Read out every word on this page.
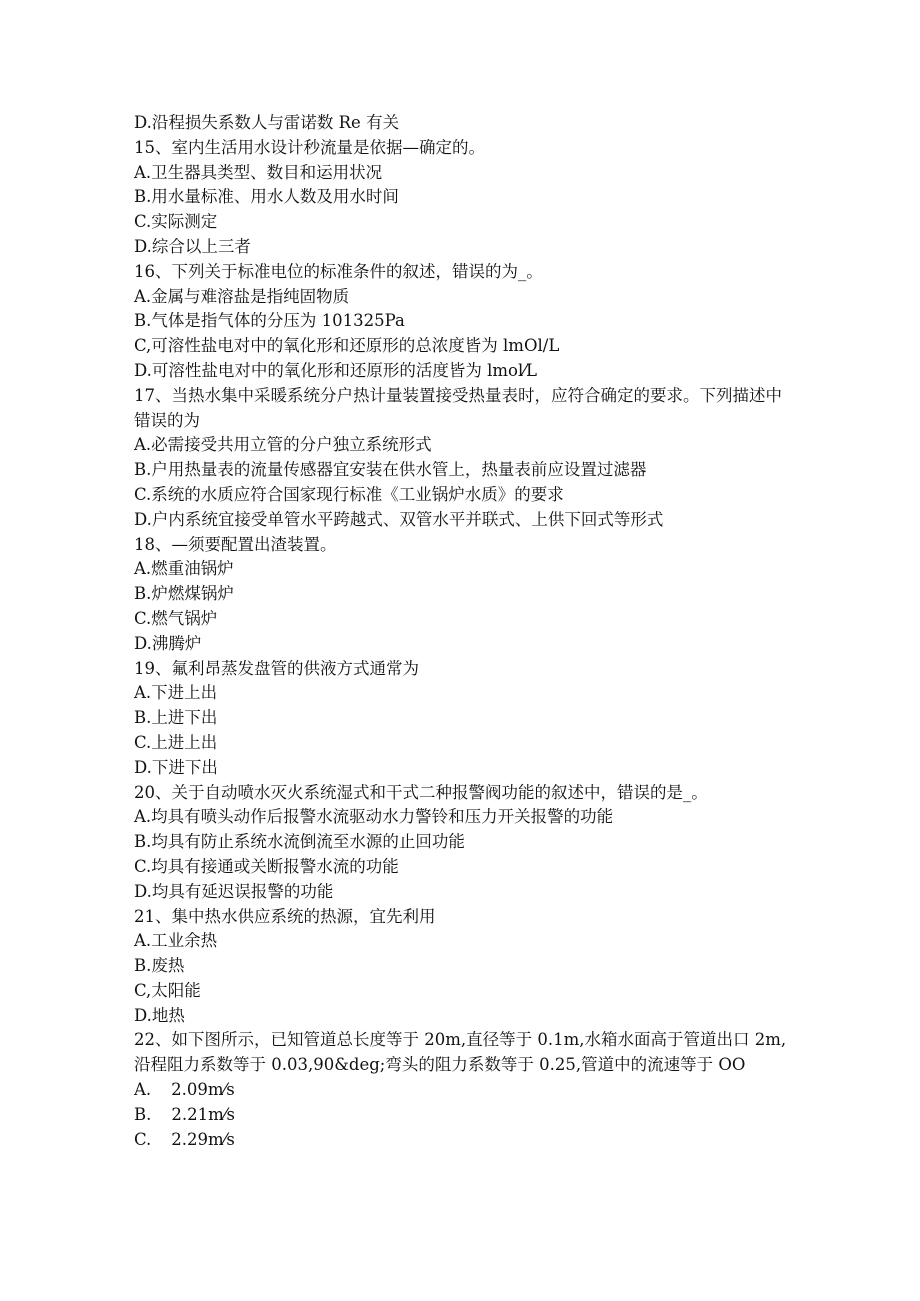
D.沿程损失系数人与雷诺数 Re 有关
15、室内生活用水设计秒流量是依据—确定的。
A.卫生器具类型、数目和运用状况
B.用水量标准、用水人数及用水时间
C.实际测定
D.综合以上三者
16、下列关于标准电位的标准条件的叙述，错误的为_。
A.金属与难溶盐是指纯固物质
B.气体是指气体的分压为 101325Pa
C,可溶性盐电对中的氧化形和还原形的总浓度皆为 lmOl/L
D.可溶性盐电对中的氧化形和还原形的活度皆为 lmol⁄L
17、当热水集中采暖系统分户热计量装置接受热量表时，应符合确定的要求。下列描述中错误的为
A.必需接受共用立管的分户独立系统形式
B.户用热量表的流量传感器宜安装在供水管上，热量表前应设置过滤器
C.系统的水质应符合国家现行标准《工业锅炉水质》的要求
D.户内系统宜接受单管水平跨越式、双管水平并联式、上供下回式等形式
18、—须要配置出渣装置。
A.燃重油锅炉
B.炉燃煤锅炉
C.燃气锅炉
D.沸腾炉
19、氟利昂蒸发盘管的供液方式通常为
A.下进上出
B.上进下出
C.上进上出
D.下进下出
20、关于自动喷水灭火系统湿式和干式二种报警阀功能的叙述中，错误的是_。
A.均具有喷头动作后报警水流驱动水力警铃和压力开关报警的功能
B.均具有防止系统水流倒流至水源的止回功能
C.均具有接通或关断报警水流的功能
D.均具有延迟误报警的功能
21、集中热水供应系统的热源，宜先利用
A.工业余热
B.废热
C,太阳能
D.地热
22、如下图所示，已知管道总长度等于 20m,直径等于 0.1m,水箱水面高于管道出口 2m,沿程阻力系数等于 0.03,90&deg;弯头的阻力系数等于 0.25,管道中的流速等于 OO
A. 2.09m⁄s
B. 2.21m⁄s
C. 2.29m⁄s
